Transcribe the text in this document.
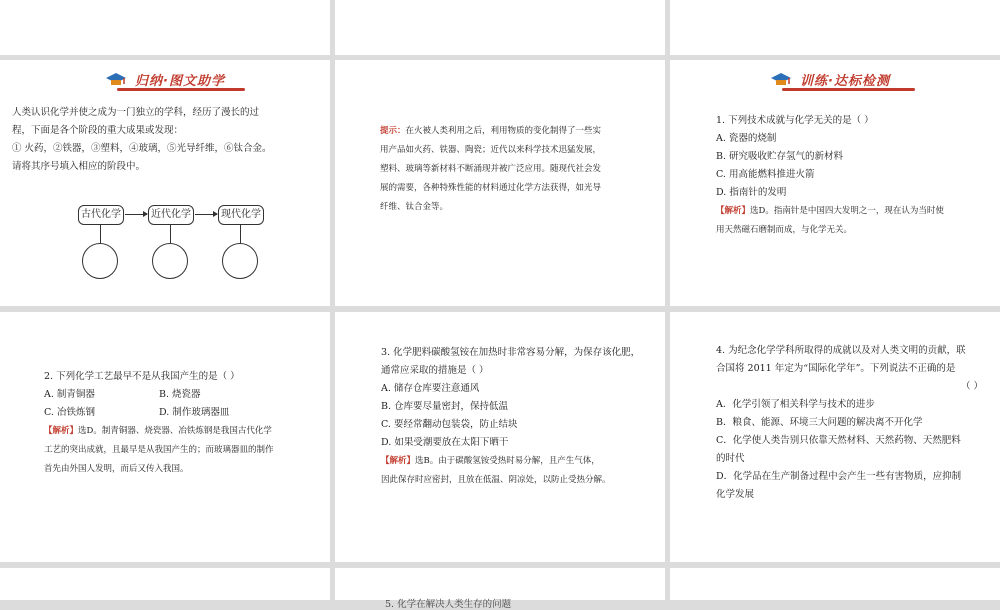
归纳·图文助学
人类认识化学并使之成为一门独立的学科，经历了漫长的过
程，下面是各个阶段的重大成果或发现：
① 火药，②铁器，③塑料，④玻璃，⑤光导纤维，⑥钛合金。
请将其序号填入相应的阶段中。
古代化学	近代化学	现代化学
提示：在火被人类利用之后，利用物质的变化制得了一些实
用产品如火药、铁器、陶瓷；近代以来科学技术迅猛发展，
塑料、玻璃等新材料不断涌现并被广泛应用。随现代社会发
展的需要，各种特殊性能的材料通过化学方法获得，如光导
纤维、钛合金等。
训练·达标检测
1. 下列技术成就与化学无关的是（ ）
A. 瓷器的烧制
B. 研究吸收贮存氢气的新材料
C. 用高能燃料推进火箭
D. 指南针的发明
【解析】选D。指南针是中国四大发明之一，现在认为当时使
用天然磁石磨制而成，与化学无关。
2. 下列化学工艺最早不是从我国产生的是（ ）
A. 制青铜器	B. 烧瓷器
C. 冶铁炼钢	D. 制作玻璃器皿
【解析】选D。制青铜器、烧瓷器、冶铁炼钢是我国古代化学
工艺的突出成就，且最早是从我国产生的；而玻璃器皿的制作
首先由外国人发明，而后又传入我国。
3. 化学肥料碳酸氢铵在加热时非常容易分解，为保存该化肥，
通常应采取的措施是（ ）
A. 储存仓库要注意通风
B. 仓库要尽量密封，保持低温
C. 要经常翻动包装袋，防止结块
D. 如果受潮要放在太阳下晒干
【解析】选B。由于碳酸氢铵受热时易分解，且产生气体，
因此保存时应密封，且放在低温、阴凉处，以防止受热分解。
4. 为纪念化学学科所取得的成就以及对人类文明的贡献，联
合国将 2011 年定为“国际化学年”。下列说法不正确的是
（ ）
A．化学引领了相关科学与技术的进步
B．粮食、能源、环境三大问题的解决离不开化学
C．化学使人类告别只依靠天然材料、天然药物、天然肥料
的时代
D．化学品在生产制备过程中会产生一些有害物质，应抑制
化学发展
5. 化学在解决人类生存的问题
